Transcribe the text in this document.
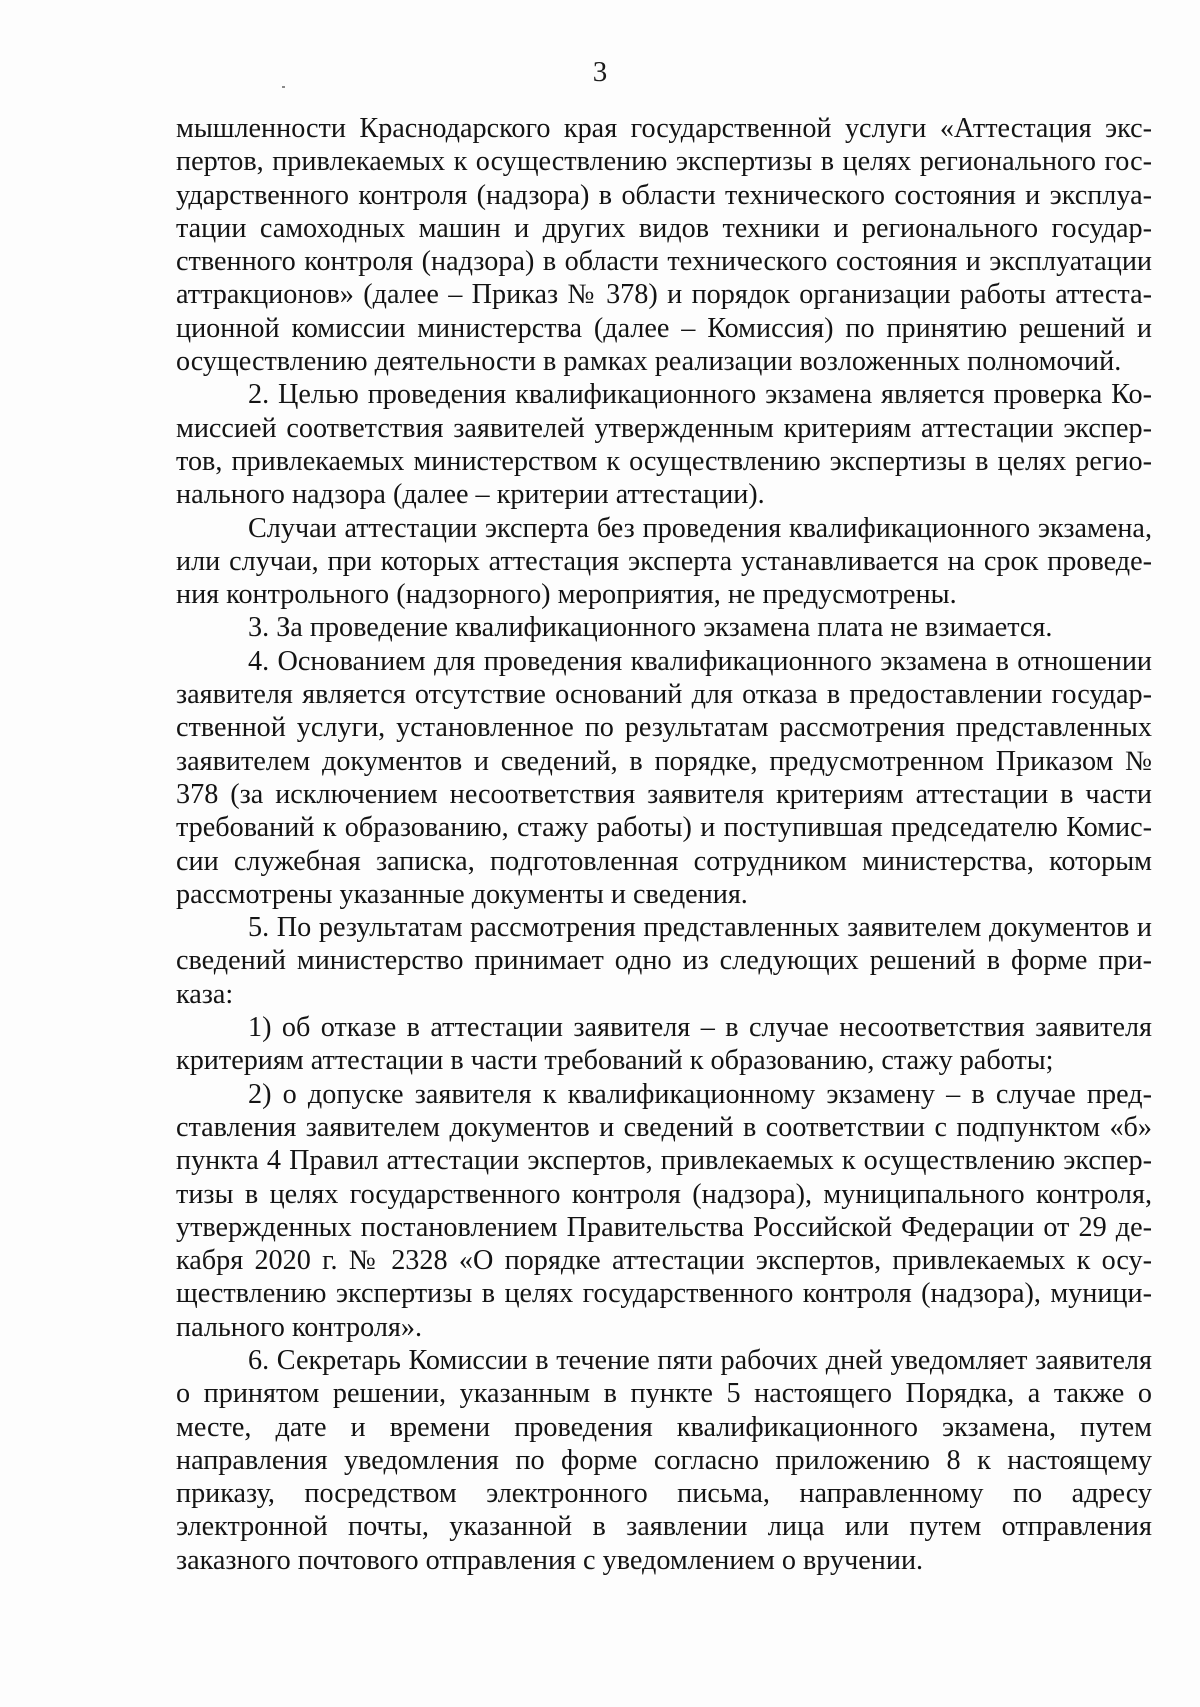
3

мышленности Краснодарского края государственной услуги «Аттестация экспертов, привлекаемых к осуществлению экспертизы в целях регионального государственного контроля (надзора) в области технического состояния и эксплуатации самоходных машин и других видов техники и регионального государственного контроля (надзора) в области технического состояния и эксплуатации аттракционов» (далее – Приказ № 378) и порядок организации работы аттестационной комиссии министерства (далее – Комиссия) по принятию решений и осуществлению деятельности в рамках реализации возложенных полномочий.

2. Целью проведения квалификационного экзамена является проверка Комиссией соответствия заявителей утвержденным критериям аттестации экспертов, привлекаемых министерством к осуществлению экспертизы в целях регионального надзора (далее – критерии аттестации).

Случаи аттестации эксперта без проведения квалификационного экзамена, или случаи, при которых аттестация эксперта устанавливается на срок проведения контрольного (надзорного) мероприятия, не предусмотрены.

3. За проведение квалификационного экзамена плата не взимается.

4. Основанием для проведения квалификационного экзамена в отношении заявителя является отсутствие оснований для отказа в предоставлении государственной услуги, установленное по результатам рассмотрения представленных заявителем документов и сведений, в порядке, предусмотренном Приказом № 378 (за исключением несоответствия заявителя критериям аттестации в части требований к образованию, стажу работы) и поступившая председателю Комиссии служебная записка, подготовленная сотрудником министерства, которым рассмотрены указанные документы и сведения.

5. По результатам рассмотрения представленных заявителем документов и сведений министерство принимает одно из следующих решений в форме приказа:

1) об отказе в аттестации заявителя – в случае несоответствия заявителя критериям аттестации в части требований к образованию, стажу работы;

2) о допуске заявителя к квалификационному экзамену – в случае представления заявителем документов и сведений в соответствии с подпунктом «б» пункта 4 Правил аттестации экспертов, привлекаемых к осуществлению экспертизы в целях государственного контроля (надзора), муниципального контроля, утвержденных постановлением Правительства Российской Федерации от 29 декабря 2020 г. № 2328 «О порядке аттестации экспертов, привлекаемых к осуществлению экспертизы в целях государственного контроля (надзора), муниципального контроля».

6. Секретарь Комиссии в течение пяти рабочих дней уведомляет заявителя о принятом решении, указанным в пункте 5 настоящего Порядка, а также о месте, дате и времени проведения квалификационного экзамена, путем направления уведомления по форме согласно приложению 8 к настоящему приказу, посредством электронного письма, направленному по адресу электронной почты, указанной в заявлении лица или путем отправления заказного почтового отправления с уведомлением о вручении.
